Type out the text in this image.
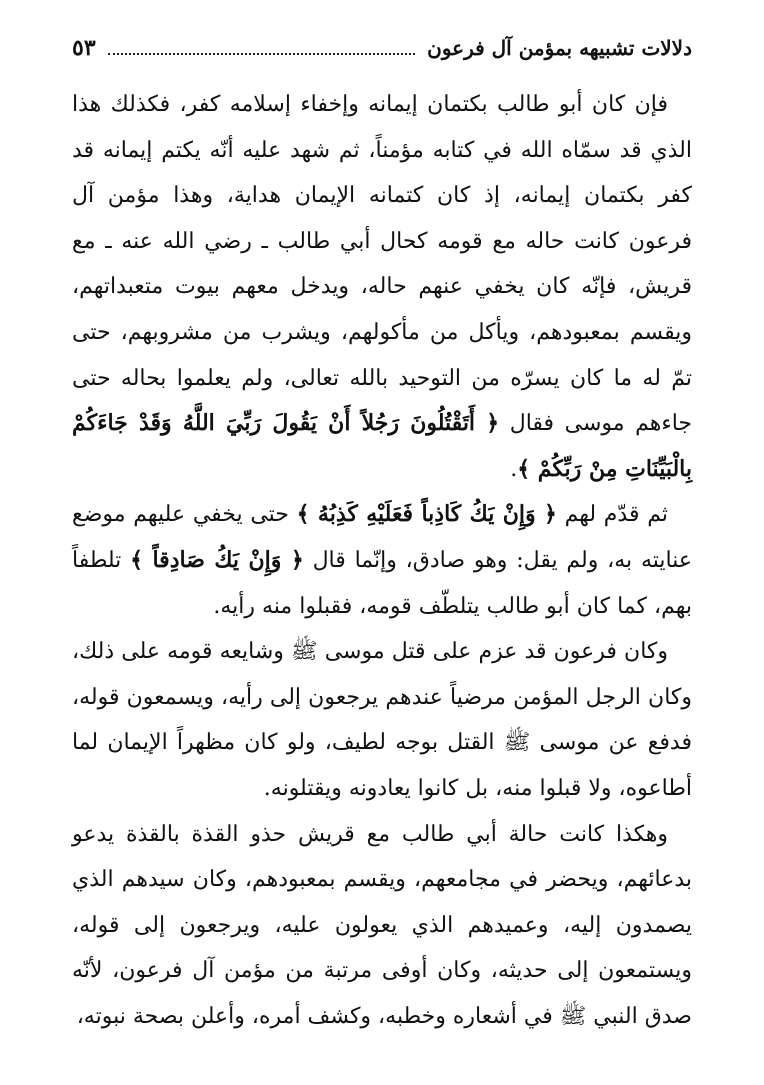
دلالات تشبيهه بمؤمن آل فرعون
٥٣

فإن كان أبو طالب بكتمان إيمانه وإخفاء إسلامه كفر، فكذلك هذا الذي قد سمّاه الله في كتابه مؤمناً، ثم شهد عليه أنّه يكتم إيمانه قد كفر بكتمان إيمانه، إذ كان كتمانه الإيمان هداية، وهذا مؤمن آل فرعون كانت حاله مع قومه كحال أبي طالب ـ رضي الله عنه ـ مع قريش، فإنّه كان يخفي عنهم حاله، ويدخل معهم بيوت متعبداتهم، ويقسم بمعبودهم، ويأكل من مأكولهم، ويشرب من مشروبهم، حتى تمّ له ما كان يسرّه من التوحيد بالله تعالى، ولم يعلموا بحاله حتى جاءهم موسى فقال ﴿ أَتَقْتُلُونَ رَجُلاً أَنْ يَقُولَ رَبِّيَ اللَّهُ وَقَدْ جَاءَكُمْ بِالْبَيِّنَاتِ مِنْ رَبِّكُمْ ﴾.

ثم قدّم لهم ﴿ وَإِنْ يَكُ كَاذِباً فَعَلَيْهِ كَذِبُهُ ﴾ حتى يخفي عليهم موضع عنايته به، ولم يقل: وهو صادق، وإنّما قال ﴿ وَإِنْ يَكُ صَادِقاً ﴾ تلطفاً بهم، كما كان أبو طالب يتلطّف قومه، فقبلوا منه رأيه.

وكان فرعون قد عزم على قتل موسى ﷺ وشايعه قومه على ذلك، وكان الرجل المؤمن مرضياً عندهم يرجعون إلى رأيه، ويسمعون قوله، فدفع عن موسى ﷺ القتل بوجه لطيف، ولو كان مظهراً الإيمان لما أطاعوه، ولا قبلوا منه، بل كانوا يعادونه ويقتلونه.

وهكذا كانت حالة أبي طالب مع قريش حذو القذة بالقذة يدعو بدعائهم، ويحضر في مجامعهم، ويقسم بمعبودهم، وكان سيدهم الذي يصمدون إليه، وعميدهم الذي يعولون عليه، ويرجعون إلى قوله، ويستمعون إلى حديثه، وكان أوفى مرتبة من مؤمن آل فرعون، لأنّه صدق النبي ﷺ في أشعاره وخطبه، وكشف أمره، وأعلن بصحة نبوته،
